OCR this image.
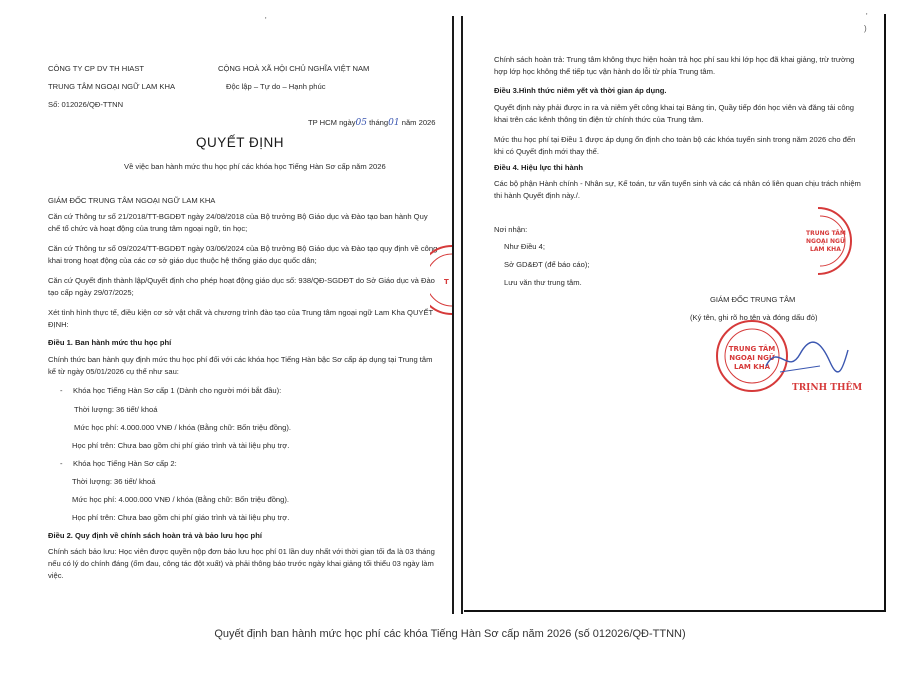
CÔNG TY CP DV TH HIAST
TRUNG TÂM NGOẠI NGỮ LAM KHA
Số: 012026/QĐ-TTNN
CỘNG HOÀ XÃ HỘI CHỦ NGHĨA VIỆT NAM
Độc lập – Tự do – Hạnh phúc
TP HCM ngày05 tháng01 năm 2026
QUYẾT ĐỊNH
Về việc ban hành mức thu học phí các khóa học Tiếng Hàn Sơ cấp năm 2026
GIÁM ĐỐC TRUNG TÂM NGOẠI NGỮ LAM KHA
Căn cứ Thông tư số 21/2018/TT-BGDĐT ngày 24/08/2018 của Bộ trưởng Bộ Giáo dục và Đào tạo ban hành Quy chế tổ chức và hoạt động của trung tâm ngoại ngữ, tin học;
Căn cứ Thông tư số 09/2024/TT-BGDĐT ngày 03/06/2024 của Bộ trưởng Bộ Giáo dục và Đào tạo quy định về công khai trong hoạt động của các cơ sở giáo dục thuộc hệ thống giáo dục quốc dân;
Căn cứ Quyết định thành lập/Quyết định cho phép hoạt động giáo dục số: 938/QĐ-SGDĐT do Sở Giáo dục và Đào tạo cấp ngày 29/07/2025;
Xét tình hình thực tế, điều kiện cơ sở vật chất và chương trình đào tạo của Trung tâm ngoại ngữ Lam Kha QUYẾT ĐỊNH:
Điều 1. Ban hành mức thu học phí
Chính thức ban hành quy định mức thu học phí đối với các khóa học Tiếng Hàn bậc Sơ cấp áp dụng tại Trung tâm kể từ ngày 05/01/2026 cụ thể như sau:
- Khóa học Tiếng Hàn Sơ cấp 1 (Dành cho người mới bắt đầu):
Thời lượng: 36 tiết/ khoá
Mức học phí: 4.000.000 VNĐ / khóa (Bằng chữ: Bốn triệu đồng).
Học phí trên: Chưa bao gồm chi phí giáo trình và tài liệu phụ trợ.
- Khóa học Tiếng Hàn Sơ cấp 2:
Thời lượng: 36 tiết/ khoá
Mức học phí: 4.000.000 VNĐ / khóa (Bằng chữ: Bốn triệu đồng).
Học phí trên: Chưa bao gồm chi phí giáo trình và tài liệu phụ trợ.
Điều 2. Quy định về chính sách hoàn trả và bảo lưu học phí
Chính sách bảo lưu: Học viên được quyền nộp đơn bảo lưu học phí 01 lần duy nhất với thời gian tối đa là 03 tháng nếu có lý do chính đáng (ốm đau, công tác đột xuất) và phải thông báo trước ngày khai giảng tối thiểu 03 ngày làm việc.
T
'
Chính sách hoàn trả: Trung tâm không thực hiện hoàn trả học phí sau khi lớp học đã khai giảng, trừ trường hợp lớp học không thể tiếp tục vận hành do lỗi từ phía Trung tâm.
Điều 3.Hình thức niêm yết và thời gian áp dụng.
Quyết định này phải được in ra và niêm yết công khai tại Bảng tin, Quầy tiếp đón học viên và đăng tải công khai trên các kênh thông tin điện tử chính thức của Trung tâm.
Mức thu học phí tại Điều 1 được áp dụng ổn định cho toàn bộ các khóa tuyển sinh trong năm 2026 cho đến khi có Quyết định mới thay thế.
Điều 4. Hiệu lực thi hành
Các bộ phận Hành chính - Nhân sự, Kế toán, tư vấn tuyển sinh và các cá nhân có liên quan chịu trách nhiệm thi hành Quyết định này./.
Nơi nhận:
Như Điều 4;
Sở GD&ĐT (để báo cáo);
Lưu văn thư trung tâm.
GIÁM ĐỐC TRUNG TÂM
(Ký tên, ghi rõ họ tên và đóng dấu đỏ)
TRUNG TÂM
NGOẠI NGỮ
LAM KHA
TRUNG TÂM
NGOẠI NGỮ
LAM KHA
TRỊNH THÊM
'
)
Quyết định ban hành mức học phí các khóa Tiếng Hàn Sơ cấp năm 2026 (số 012026/QĐ-TTNN)
